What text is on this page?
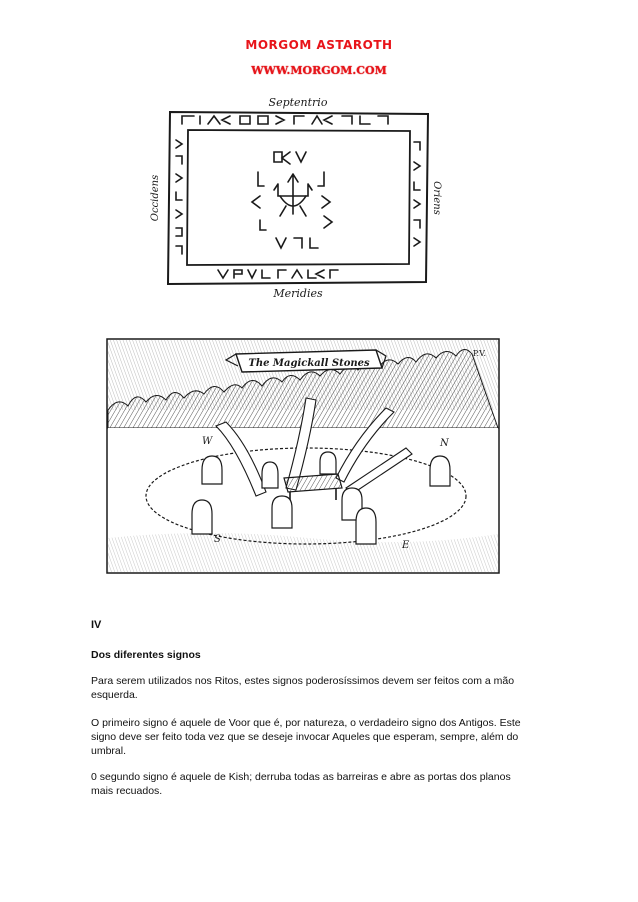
MORGOM ASTAROTH
WWW.MORGOM.COM
Septentrio
Meridies
Occidens	Oriens
The Magickall Stones
P.V.
W	N
S
E
IV
Dos diferentes signos
Para serem utilizados nos Ritos, estes signos poderosíssimos devem ser feitos com a mão esquerda.
O primeiro signo é aquele de Voor que é, por natureza, o verdadeiro signo dos Antigos. Este signo deve ser feito toda vez que se deseje invocar Aqueles que esperam, sempre, além do umbral.
0 segundo signo é aquele de Kish; derruba todas as barreiras e abre as portas dos planos mais recuados.
